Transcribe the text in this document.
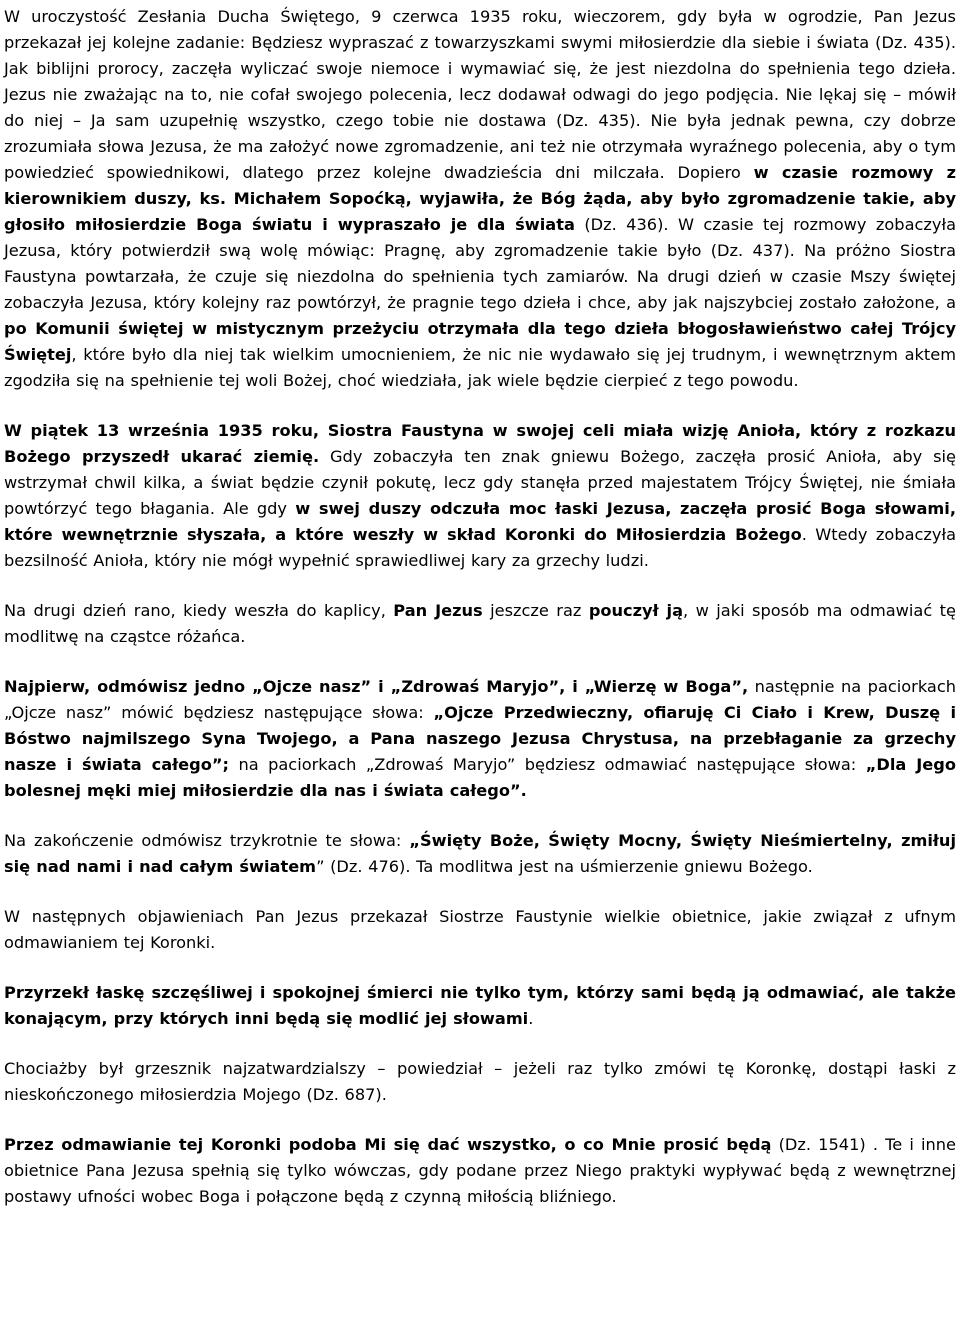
W uroczystość Zesłania Ducha Świętego, 9 czerwca 1935 roku, wieczorem, gdy była w ogrodzie, Pan Jezus przekazał jej kolejne zadanie: Będziesz wypraszać z towarzyszkami swymi miłosierdzie dla siebie i świata (Dz. 435). Jak biblijni prorocy, zaczęła wyliczać swoje niemoce i wymawiać się, że jest niezdolna do spełnienia tego dzieła. Jezus nie zważając na to, nie cofał swojego polecenia, lecz dodawał odwagi do jego podjęcia. Nie lękaj się – mówił do niej – Ja sam uzupełnię wszystko, czego tobie nie dostawa (Dz. 435). Nie była jednak pewna, czy dobrze zrozumiała słowa Jezusa, że ma założyć nowe zgromadzenie, ani też nie otrzymała wyraźnego polecenia, aby o tym powiedzieć spowiednikowi, dlatego przez kolejne dwadzieścia dni milczała. Dopiero w czasie rozmowy z kierownikiem duszy, ks. Michałem Sopoćką, wyjawiła, że Bóg żąda, aby było zgromadzenie takie, aby głosiło miłosierdzie Boga światu i wypraszało je dla świata (Dz. 436). W czasie tej rozmowy zobaczyła Jezusa, który potwierdził swą wolę mówiąc: Pragnę, aby zgromadzenie takie było (Dz. 437). Na próżno Siostra Faustyna powtarzała, że czuje się niezdolna do spełnienia tych zamiarów. Na drugi dzień w czasie Mszy świętej zobaczyła Jezusa, który kolejny raz powtórzył, że pragnie tego dzieła i chce, aby jak najszybciej zostało założone, a po Komunii świętej w mistycznym przeżyciu otrzymała dla tego dzieła błogosławieństwo całej Trójcy Świętej, które było dla niej tak wielkim umocnieniem, że nic nie wydawało się jej trudnym, i wewnętrznym aktem zgodziła się na spełnienie tej woli Bożej, choć wiedziała, jak wiele będzie cierpieć z tego powodu.

W piątek 13 września 1935 roku, Siostra Faustyna w swojej celi miała wizję Anioła, który z rozkazu Bożego przyszedł ukarać ziemię. Gdy zobaczyła ten znak gniewu Bożego, zaczęła prosić Anioła, aby się wstrzymał chwil kilka, a świat będzie czynił pokutę, lecz gdy stanęła przed majestatem Trójcy Świętej, nie śmiała powtórzyć tego błagania. Ale gdy w swej duszy odczuła moc łaski Jezusa, zaczęła prosić Boga słowami, które wewnętrznie słyszała, a które weszły w skład Koronki do Miłosierdzia Bożego. Wtedy zobaczyła bezsilność Anioła, który nie mógł wypełnić sprawiedliwej kary za grzechy ludzi.

Na drugi dzień rano, kiedy weszła do kaplicy, Pan Jezus jeszcze raz pouczył ją, w jaki sposób ma odmawiać tę modlitwę na cząstce różańca.

Najpierw, odmówisz jedno „Ojcze nasz” i „Zdrowaś Maryjo”, i „Wierzę w Boga”, następnie na paciorkach „Ojcze nasz” mówić będziesz następujące słowa: „Ojcze Przedwieczny, ofiaruję Ci Ciało i Krew, Duszę i Bóstwo najmilszego Syna Twojego, a Pana naszego Jezusa Chrystusa, na przebłaganie za grzechy nasze i świata całego”; na paciorkach „Zdrowaś Maryjo” będziesz odmawiać następujące słowa: „Dla Jego bolesnej męki miej miłosierdzie dla nas i świata całego”.

Na zakończenie odmówisz trzykrotnie te słowa: „Święty Boże, Święty Mocny, Święty Nieśmiertelny, zmiłuj się nad nami i nad całym światem” (Dz. 476). Ta modlitwa jest na uśmierzenie gniewu Bożego.

W następnych objawieniach Pan Jezus przekazał Siostrze Faustynie wielkie obietnice, jakie związał z ufnym odmawianiem tej Koronki.

Przyrzekł łaskę szczęśliwej i spokojnej śmierci nie tylko tym, którzy sami będą ją odmawiać, ale także konającym, przy których inni będą się modlić jej słowami.

Chociażby był grzesznik najzatwardzialszy – powiedział – jeżeli raz tylko zmówi tę Koronkę, dostąpi łaski z nieskończonego miłosierdzia Mojego (Dz. 687).

Przez odmawianie tej Koronki podoba Mi się dać wszystko, o co Mnie prosić będą (Dz. 1541) . Te i inne obietnice Pana Jezusa spełnią się tylko wówczas, gdy podane przez Niego praktyki wypływać będą z wewnętrznej postawy ufności wobec Boga i połączone będą z czynną miłością bliźniego.
